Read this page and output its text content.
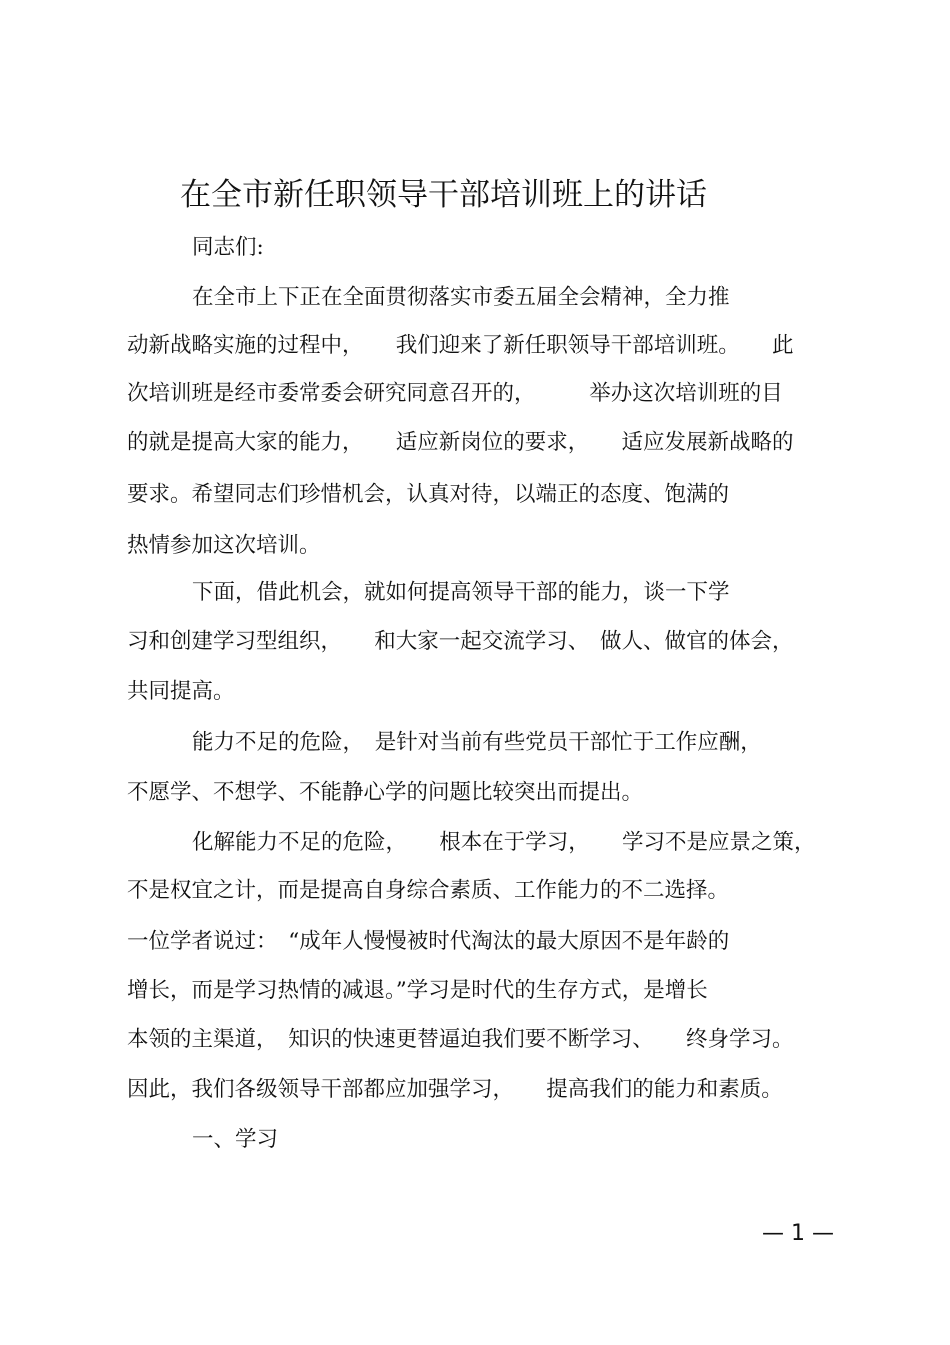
在全市新任职领导干部培训班上的讲话
同志们:
在全市上下正在全面贯彻落实市委五届全会精神，全力推
动新战略实施的过程中，　　我们迎来了新任职领导干部培训班。　　此
次培训班是经市委常委会研究同意召开的，　　　举办这次培训班的目
的就是提高大家的能力，　　适应新岗位的要求，　　适应发展新战略的
要求。希望同志们珍惜机会，认真对待，以端正的态度、饱满的
热情参加这次培训。
下面，借此机会，就如何提高领导干部的能力，谈一下学
习和创建学习型组织，　　和大家一起交流学习、　做人、做官的体会，
共同提高。
能力不足的危险，　是针对当前有些党员干部忙于工作应酬，
不愿学、不想学、不能静心学的问题比较突出而提出。
化解能力不足的危险，　　根本在于学习，　　学习不是应景之策，
不是权宜之计，而是提高自身综合素质、工作能力的不二选择。
一位学者说过：　“成年人慢慢被时代淘汰的最大原因不是年龄的
增长，而是学习热情的减退。”学习是时代的生存方式，是增长
本领的主渠道，　知识的快速更替逼迫我们要不断学习、　　终身学习。
因此，我们各级领导干部都应加强学习，　　提高我们的能力和素质。
一、学习
— 1 —
